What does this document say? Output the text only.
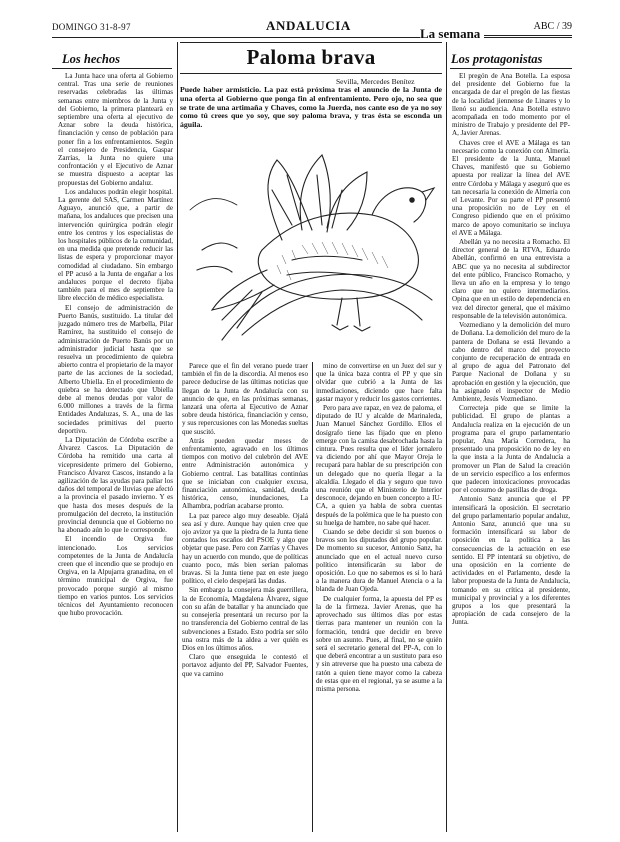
DOMINGO 31-8-97	ANDALUCIA	ABC / 39
Los hechos

La Junta hace una oferta al Gobierno central. Tras una serie de reuniones reservadas celebradas las últimas semanas entre miembros de la Junta y del Gobierno, la primera plantearà en septiembre una oferta al ejecutivo de Aznar sobre la deuda histórica, financiación y censo de población para poner fin a los enfrentamientos. Según el consejero de Presidencia, Gaspar Zarrías, la Junta no quiere una confrontación y el Ejecutivo de Aznar se muestra dispuesto a aceptar las propuestas del Gobierno andaluz.

Los andaluces podrán elegir hospital. La gerente del SAS, Carmen Martínez Aguayo, anunció que, a partir de mañana, los andaluces que precisen una intervención quirúrgica podrán elegir entre los centros y los especialistas de los hospitales públicos de la comunidad, en una medida que pretende reducir las listas de espera y proporcionar mayor comodidad al ciudadano. Sin embargo el PP acusó a la Junta de engañar a los andaluces porque el decreto fijaba también para el mes de septiembre la libre elección de médico especialista.

El consejo de administración de Puerto Banús, sustituido. La titular del juzgado número tres de Marbella, Pilar Ramírez, ha sustituido el consejo de administración de Puerto Banús por un administrador judicial hasta que se resuelva un procedimiento de quiebra abierto contra el propietario de la mayor parte de las acciones de la sociedad, Alberto Ubiella. En el procedimiento de quiebra se ha detectado que Ubiella debe al menos deudas por valor de 6.000 millones a través de la firma Entidades Andaluzas, S. A., una de las sociedades primitivas del puerto deportivo.

La Diputación de Córdoba escribe a Álvarez Cascos. La Diputación de Córdoba ha remitido una carta al vicepresidente primero del Gobierno, Francisco Álvarez Cascos, instando a la agilización de las ayudas para paliar los daños del temporal de lluvias que afectó a la provincia el pasado invierno. Y es que hasta dos meses después de la promulgación del decreto, la institución provincial denuncia que el Gobierno no ha abonado aún lo que le corresponde.

El incendio de Orgiva fue intencionado. Los servicios competentes de la Junta de Andalucía creen que el incendio que se produjo en Orgiva, en la Alpujarra granadina, en el término municipal de Orgiva, fue provocado porque surgió al mismo tiempo en varios puntos. Los servicios técnicos del Ayuntamiento reconocen que hubo provocación.

Paloma brava
Sevilla, Mercedes Benítez
Puede haber armisticio. La paz está próxima tras el anuncio de la Junta de una oferta al Gobierno que ponga fin al enfrentamiento. Pero ojo, no sea que se trate de una artimaña y Chaves, como la Juerda, nos cante eso de ya no soy como tú crees que yo soy, que soy paloma brava, y tras ésta se esconda un águila.

Parece que el fin del verano puede traer también el fin de la discordia. Al menos eso parece deducirse de las últimas noticias que llegan de la Junta de Andalucía con su anuncio de que, en las próximas semanas, lanzará una oferta al Ejecutivo de Aznar sobre deuda histórica, financiación y censo, y sus repercusiones con las Monedas sueltas que suscitó.

Atrás pueden quedar meses de enfrentamiento, agravado en los últimos tiempos con motivo del culebrón del AVE entre Administración autonómica y Gobierno central. Las batallitas continúas que se iniciaban con cualquier excusa, financiación autonómica, sanidad, deuda histórica, censo, inundaciones, La Alhambra, podrían acabarse pronto.

La paz parece algo muy deseable. Ojalá sea así y dure. Aunque hay quien cree que ojo avizor ya que la piedra de la Junta tiene contados los escaños del PSOE y algo que objetar que pase. Pero con Zarrías y Chaves hay un acuerdo con mundo, que de políticas cuanto poco, más bien serían palomas bravas. Si la Junta tiene paz en este juego político, el cielo despejará las dudas.

Sin embargo la consejera más guerrillera, la de Economía, Magdalena Álvarez, sigue con su afán de batallar y ha anunciado que su consejería presentará un recurso por la no transferencia del Gobierno central de las subvenciones a Estado. Esto podría ser sólo una ostra más de la aldea a ver quién es Dios en los últimos años.

Claro que enseguida le contestó el portavoz adjunto del PP, Salvador Fuentes, que va camino

mino de convertirse en un Juez del sur y que la única baza contra el PP y que sin olvidar que cubrió a la Junta de las inmediaciones, diciendo que hace falta gastar mayor y reducir los gastos corrientes.

Pero para ave rapaz, en vez de paloma, el diputado de IU y alcalde de Marinaleda, Juan Manuel Sánchez Gordillo. Ellos el dosígrafo tiene las fijado que en pleno emerge con la camisa desabrochada hasta la cintura. Pues resulta que el líder jornalero va diciendo por ahí que Mayor Oreja le recupará para hablar de su prescripción con un delegado que no quería llegar a la alcaldía. Llegado el día y seguro que tuvo una reunión que el Ministerio de Interior desconoce, dejando en buen concepto a IU-CA, a quien ya habla de sobra cuentas después de la polémica que le ha puesto con su huelga de hambre, no sabe qué hacer.

Cuando se debe decidir si son buenos o bravos son los diputados del grupo popular. De momento su sucesor, Antonio Sanz, ha anunciado que en el actual nuevo curso político intensificarán su labor de oposición. Lo que no sabemos es si lo hará a la manera dura de Manuel Atencia o a la blanda de Juan Ojeda.

De cualquier forma, la apuesta del PP es la de la firmeza. Javier Arenas, que ha aprovechado sus últimos días por estas tierras para mantener un reunión con la formación, tendrá que decidir en breve sobre un asunto. Pues, al final, no se quién será el secretario general del PP-A, con lo que deberá encontrar a un sustituto para eso y sin atreverse que ha puesto una cabeza de ratón a quien tiene mayor como la cabeza de estas que en el regional, ya se asume a la misma persona.

La semana
Los protagonistas

El pregón de Ana Botella. La esposa del presidente del Gobierno fue la encargada de dar el pregón de las fiestas de la localidad jiennense de Linares y lo llenó su audiencia. Ana Botella estuvo acompañada en todo momento por el ministro de Trabajo y presidente del PP-A, Javier Arenas.

Chaves cree el AVE a Málaga es tan necesario como la conexión con Almería. El presidente de la Junta, Manuel Chaves, manifestó que su Gobierno apuesta por realizar la línea del AVE entre Córdoba y Málaga y aseguró que es tan necesaria la conexión de Almería con el Levante. Por su parte el PP presentó una proposición no de Ley en el Congreso pidiendo que en el próximo marco de apoyo comunitario se incluya el AVE a Málaga.

Abellán ya no necesita a Romacho. El director general de la RTVA, Eduardo Abellán, confirmó en una entrevista a ABC que ya no necesita al subdirector del ente público, Francisco Romacho, y lleva un año en la empresa y lo tengo claro que no quiero intermediarios. Opina que en un estilo de dependencia en vez del director general, que el máximo responsable de la televisión autonómica.

Vozmediano y la demolición del muro de Doñana. La demolición del muro de la pantera de Doñana se está llevando a cabo dentro del marco del proyecto conjunto de recuperación de entrada en al grupo de agua del Patronato del Parque Nacional de Doñana y su aprobación en gestión y la ejecución, que ha asignado el inspector de Medio Ambiente, Jesús Vozmediano.

Correcteja pide que se limite la publicidad. El grupo de plantas a Andalucía realiza en la ejecución de un programa para el grupo parlamentario popular, Ana María Corredera, ha presentado una proposición no de ley en la que insta a la Junta de Andalucía a promover un Plan de Salud la creación de un servicio específico a los enfermos que padecen intoxicaciones provocadas por el consumo de pastillas de droga.

Antonio Sanz anuncia que el PP intensificará la oposición. El secretario del grupo parlamentario popular andaluz, Antonio Sanz, anunció que una su formación intensificará su labor de oposición en la política a las consecuencias de la actuación en ese sentido. El PP intentará su objetivo, de una oposición en la corriente de actividades en el Parlamento, desde la labor propuesta de la Junta de Andalucía, tomando en su crítica al presidente, municipal y provincial y a los diferentes grupos a los que presentará la apropiación de cada consejero de la Junta.
